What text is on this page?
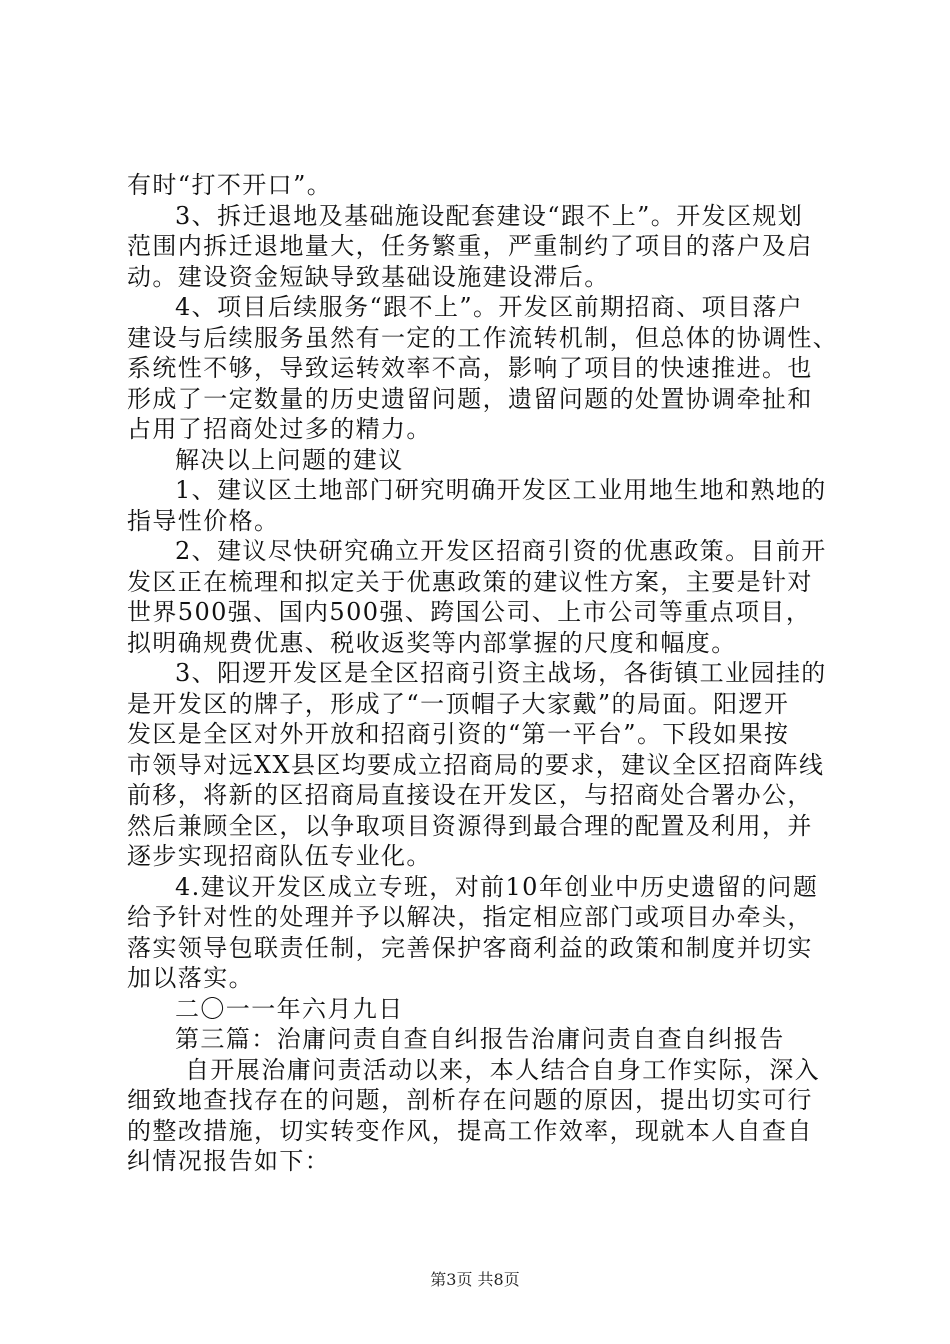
有时“打不开口”。
3、拆迁退地及基础施设配套建设“跟不上”。开发区规划
范围内拆迁退地量大，任务繁重，严重制约了项目的落户及启
动。建设资金短缺导致基础设施建设滞后。
4、项目后续服务“跟不上”。开发区前期招商、项目落户
建设与后续服务虽然有一定的工作流转机制，但总体的协调性、
系统性不够，导致运转效率不高，影响了项目的快速推进。也
形成了一定数量的历史遗留问题，遗留问题的处置协调牵扯和
占用了招商处过多的精力。
解决以上问题的建议
1、建议区土地部门研究明确开发区工业用地生地和熟地的
指导性价格。
2、建议尽快研究确立开发区招商引资的优惠政策。目前开
发区正在梳理和拟定关于优惠政策的建议性方案，主要是针对
世界500强、国内500强、跨国公司、上市公司等重点项目，
拟明确规费优惠、税收返奖等内部掌握的尺度和幅度。
3、阳逻开发区是全区招商引资主战场，各街镇工业园挂的
是开发区的牌子，形成了“一顶帽子大家戴”的局面。阳逻开
发区是全区对外开放和招商引资的“第一平台”。下段如果按
市领导对远XX县区均要成立招商局的要求，建议全区招商阵线
前移，将新的区招商局直接设在开发区，与招商处合署办公，
然后兼顾全区，以争取项目资源得到最合理的配置及利用，并
逐步实现招商队伍专业化。
4.建议开发区成立专班，对前10年创业中历史遗留的问题
给予针对性的处理并予以解决，指定相应部门或项目办牵头，
落实领导包联责任制，完善保护客商利益的政策和制度并切实
加以落实。
二〇一一年六月九日
第三篇：治庸问责自查自纠报告治庸问责自查自纠报告
自开展治庸问责活动以来，本人结合自身工作实际，深入
细致地查找存在的问题，剖析存在问题的原因，提出切实可行
的整改措施，切实转变作风，提高工作效率，现就本人自查自
纠情况报告如下：
第3页 共8页
